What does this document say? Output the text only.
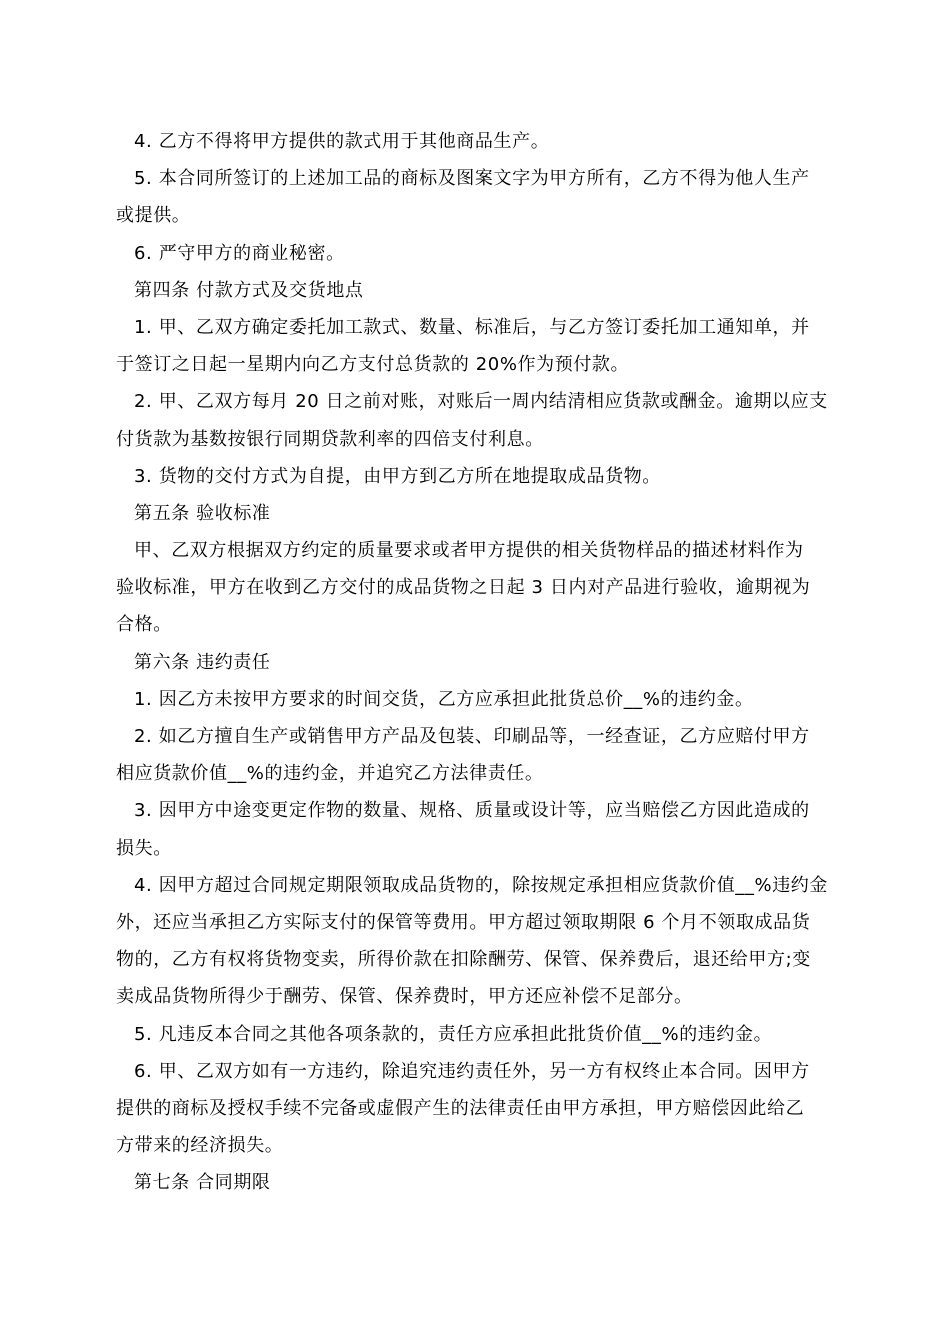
4. 乙方不得将甲方提供的款式用于其他商品生产。
5. 本合同所签订的上述加工品的商标及图案文字为甲方所有，乙方不得为他人生产
或提供。
6. 严守甲方的商业秘密。
第四条 付款方式及交货地点
1. 甲、乙双方确定委托加工款式、数量、标准后，与乙方签订委托加工通知单，并
于签订之日起一星期内向乙方支付总货款的 20%作为预付款。
2. 甲、乙双方每月 20 日之前对账，对账后一周内结清相应货款或酬金。逾期以应支
付货款为基数按银行同期贷款利率的四倍支付利息。
3. 货物的交付方式为自提，由甲方到乙方所在地提取成品货物。
第五条 验收标准
甲、乙双方根据双方约定的质量要求或者甲方提供的相关货物样品的描述材料作为
验收标准，甲方在收到乙方交付的成品货物之日起 3 日内对产品进行验收，逾期视为
合格。
第六条 违约责任
1. 因乙方未按甲方要求的时间交货，乙方应承担此批货总价__%的违约金。
2. 如乙方擅自生产或销售甲方产品及包装、印刷品等，一经查证，乙方应赔付甲方
相应货款价值__%的违约金，并追究乙方法律责任。
3. 因甲方中途变更定作物的数量、规格、质量或设计等，应当赔偿乙方因此造成的
损失。
4. 因甲方超过合同规定期限领取成品货物的，除按规定承担相应货款价值__%违约金
外，还应当承担乙方实际支付的保管等费用。甲方超过领取期限 6 个月不领取成品货
物的，乙方有权将货物变卖，所得价款在扣除酬劳、保管、保养费后，退还给甲方;变
卖成品货物所得少于酬劳、保管、保养费时，甲方还应补偿不足部分。
5. 凡违反本合同之其他各项条款的，责任方应承担此批货价值__%的违约金。
6. 甲、乙双方如有一方违约，除追究违约责任外，另一方有权终止本合同。因甲方
提供的商标及授权手续不完备或虚假产生的法律责任由甲方承担，甲方赔偿因此给乙
方带来的经济损失。
第七条 合同期限
